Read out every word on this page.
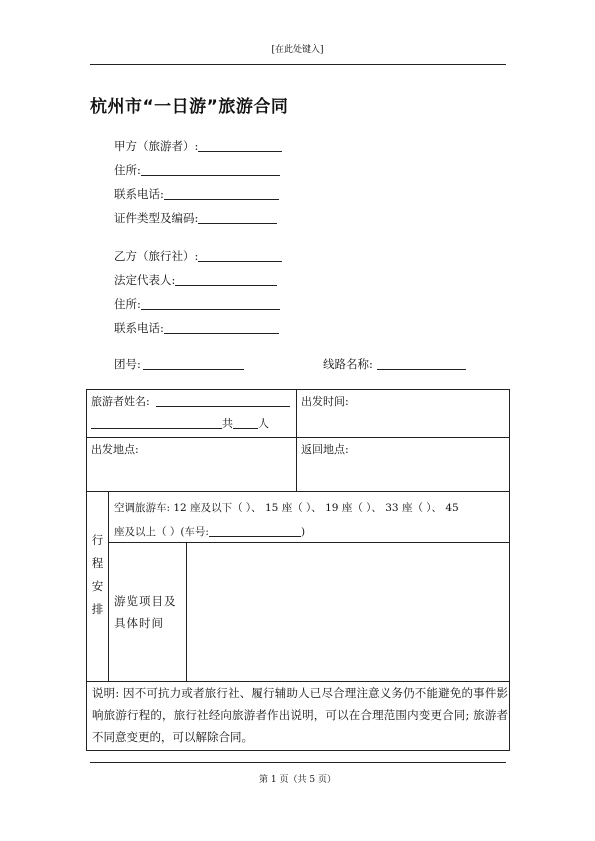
[在此处键入]
杭州市“一日游”旅游合同
甲方（旅游者）:
住所:
联系电话:
证件类型及编码:
乙方（旅行社）:
法定代表人:
住所:
联系电话:
团号:	线路名称:
旅游者姓名:
共 人
出发时间:
出发地点:	返回地点:
行
程
安
排
空调旅游车: 12 座及以下（ ）、 15 座（ ）、 19 座（ ）、 33 座（ ）、 45
座及以上（ ）(车号:	)
游览项目及
具体时间
说明: 因不可抗力或者旅行社、履行辅助人已尽合理注意义务仍不能避免的事件影响旅游行程的，旅行社经向旅游者作出说明，可以在合理范围内变更合同; 旅游者不同意变更的，可以解除合同。
第 1 页（共 5 页）
